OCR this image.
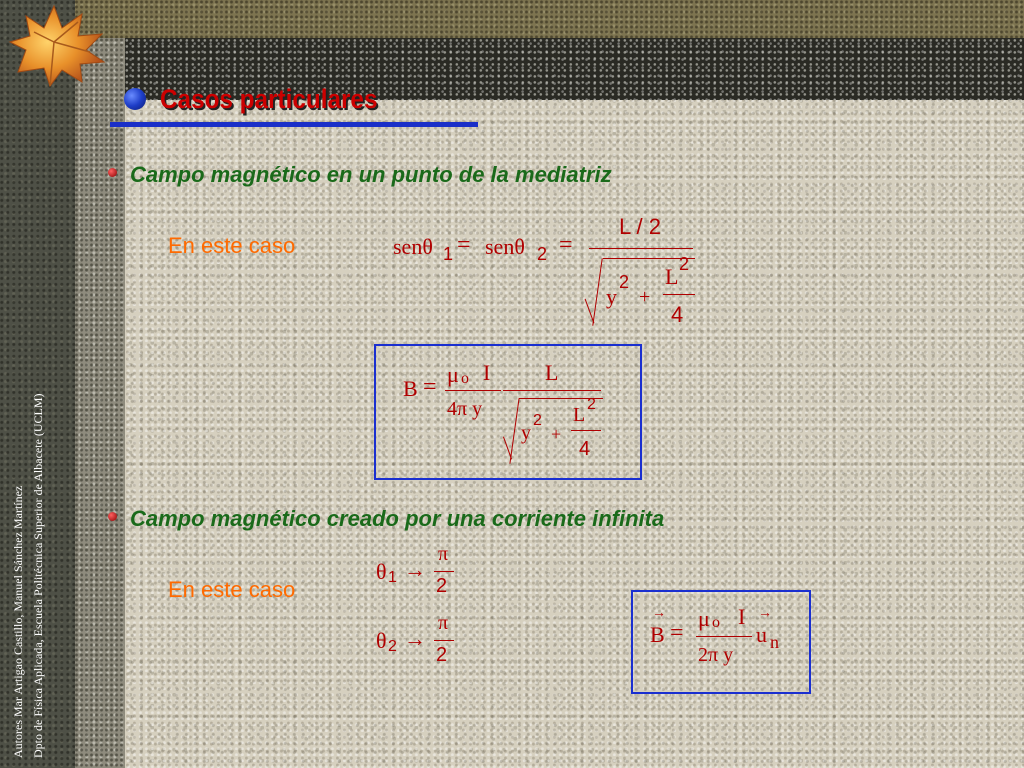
Autores Mar Artigao Castillo, Manuel Sánchez Martínez Dpto de Física Aplicada, Escuela Politécnica Superior de Albacete (UCLM)
Casos particulares
Campo magnético en un punto de la mediatriz
En este caso	senθ 1 = senθ 2 =
L / 2
y
2
+
L 2
4
B = μ o I
4π y
L
y
2
+
L 2
4
Campo magnético creado por una corriente infinita
En este caso
θ 1 →
π
2
θ 2 →
π
2
→
B =
μ o I
2π y
→
u n
